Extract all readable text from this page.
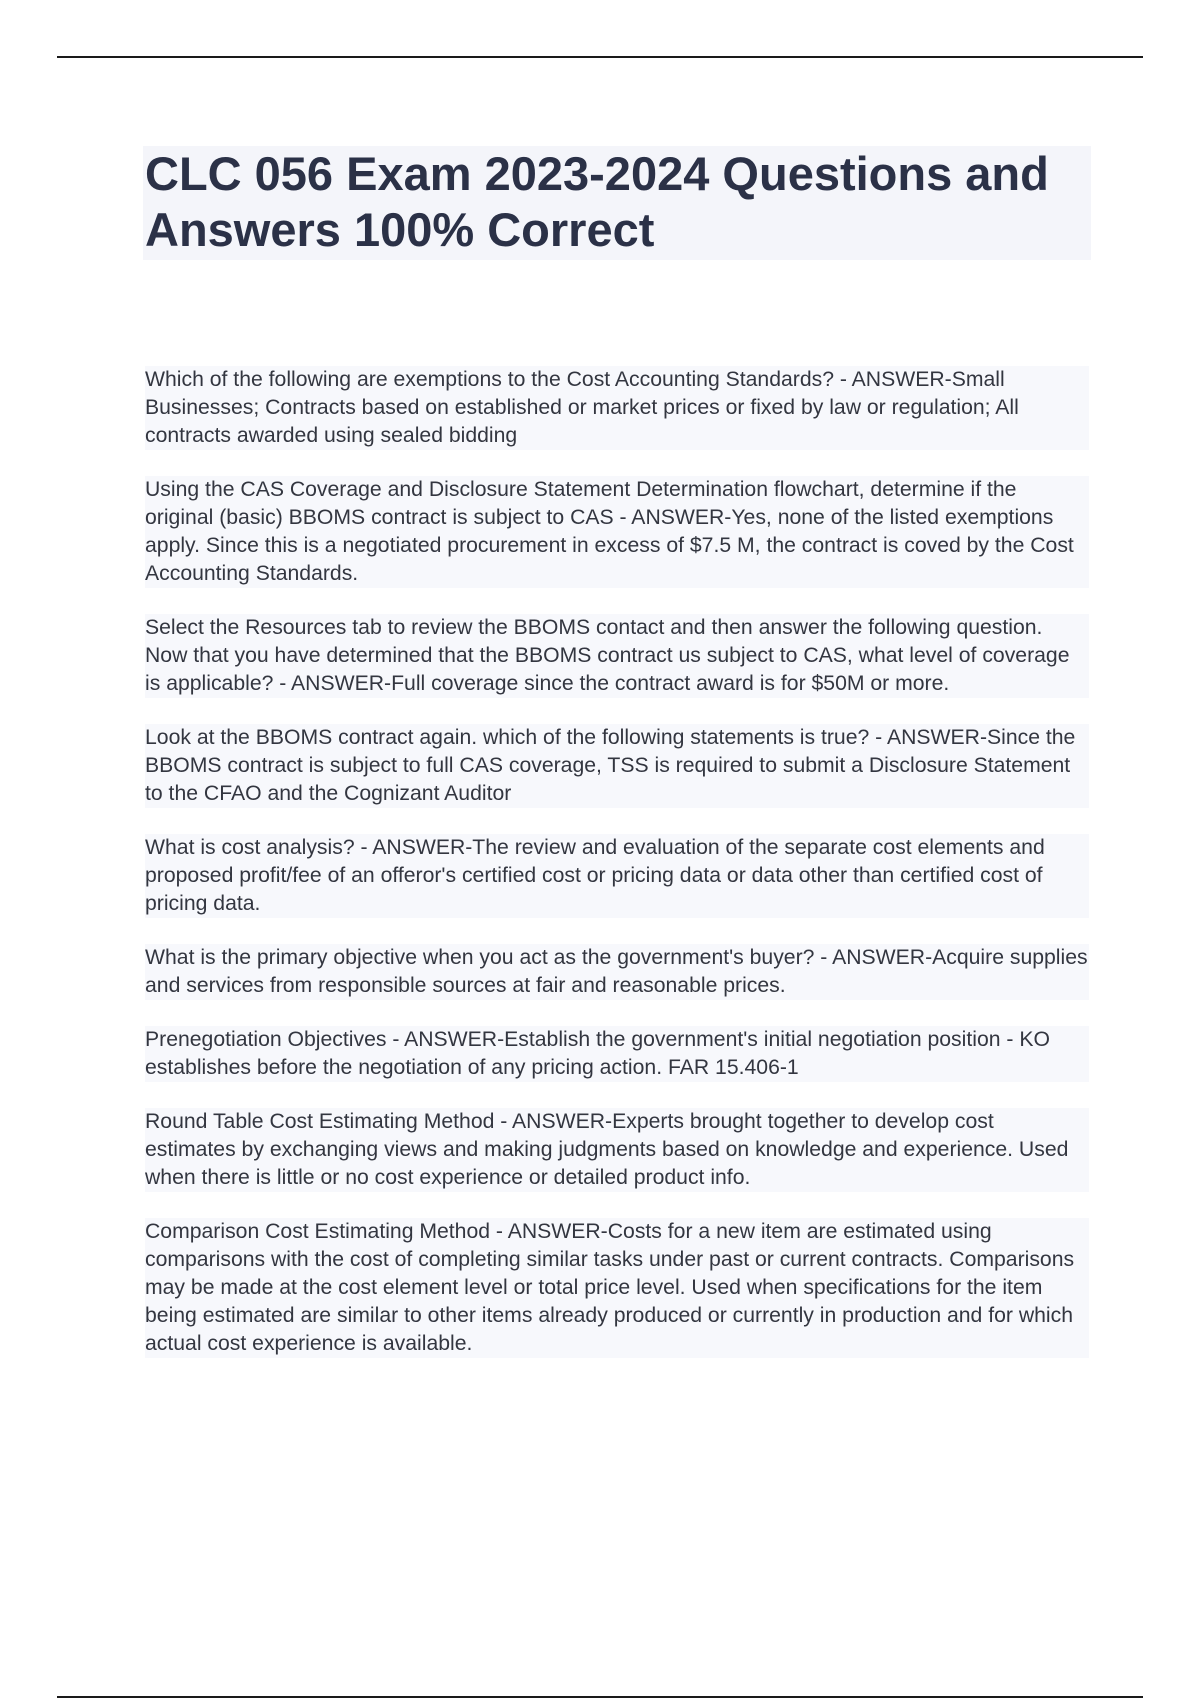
CLC 056 Exam 2023-2024 Questions and Answers 100% Correct

Which of the following are exemptions to the Cost Accounting Standards? - ANSWER-Small Businesses; Contracts based on established or market prices or fixed by law or regulation; All contracts awarded using sealed bidding

Using the CAS Coverage and Disclosure Statement Determination flowchart, determine if the original (basic) BBOMS contract is subject to CAS - ANSWER-Yes, none of the listed exemptions apply. Since this is a negotiated procurement in excess of $7.5 M, the contract is coved by the Cost Accounting Standards.

Select the Resources tab to review the BBOMS contact and then answer the following question. Now that you have determined that the BBOMS contract us subject to CAS, what level of coverage is applicable? - ANSWER-Full coverage since the contract award is for $50M or more.

Look at the BBOMS contract again. which of the following statements is true? - ANSWER-Since the BBOMS contract is subject to full CAS coverage, TSS is required to submit a Disclosure Statement to the CFAO and the Cognizant Auditor

What is cost analysis? - ANSWER-The review and evaluation of the separate cost elements and proposed profit/fee of an offeror's certified cost or pricing data or data other than certified cost of pricing data.

What is the primary objective when you act as the government's buyer? - ANSWER-Acquire supplies and services from responsible sources at fair and reasonable prices.

Prenegotiation Objectives - ANSWER-Establish the government's initial negotiation position - KO establishes before the negotiation of any pricing action. FAR 15.406-1

Round Table Cost Estimating Method - ANSWER-Experts brought together to develop cost estimates by exchanging views and making judgments based on knowledge and experience. Used when there is little or no cost experience or detailed product info.

Comparison Cost Estimating Method - ANSWER-Costs for a new item are estimated using comparisons with the cost of completing similar tasks under past or current contracts. Comparisons may be made at the cost element level or total price level. Used when specifications for the item being estimated are similar to other items already produced or currently in production and for which actual cost experience is available.
